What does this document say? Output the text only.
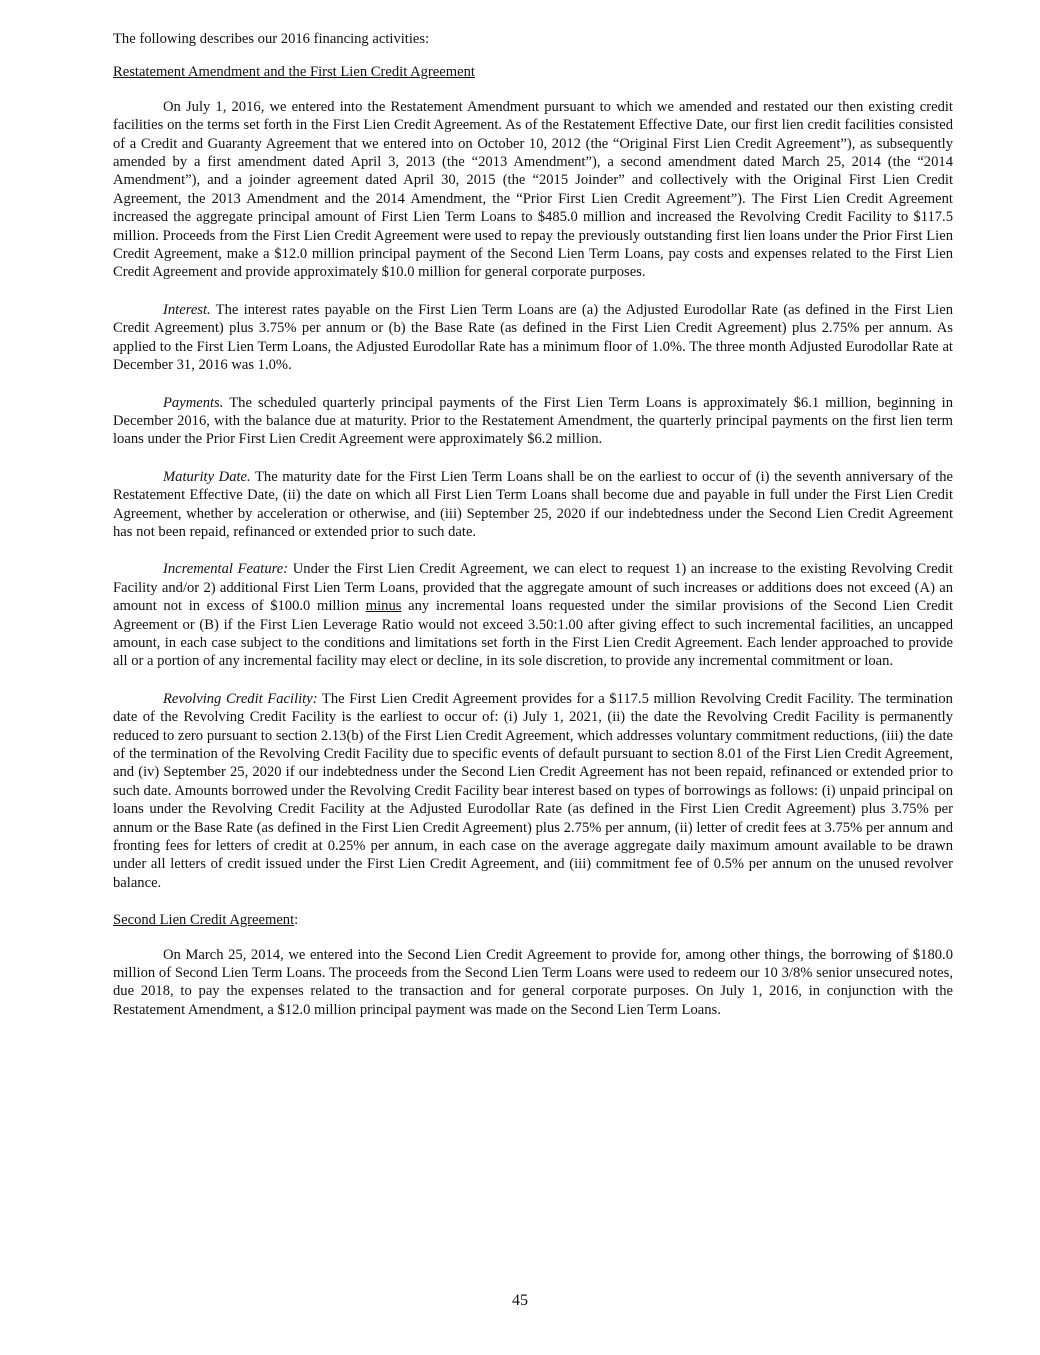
The following describes our 2016 financing activities:

Restatement Amendment and the First Lien Credit Agreement

On July 1, 2016, we entered into the Restatement Amendment pursuant to which we amended and restated our then existing credit facilities on the terms set forth in the First Lien Credit Agreement. As of the Restatement Effective Date, our first lien credit facilities consisted of a Credit and Guaranty Agreement that we entered into on October 10, 2012 (the “Original First Lien Credit Agreement”), as subsequently amended by a first amendment dated April 3, 2013 (the “2013 Amendment”), a second amendment dated March 25, 2014 (the “2014 Amendment”), and a joinder agreement dated April 30, 2015 (the “2015 Joinder” and collectively with the Original First Lien Credit Agreement, the 2013 Amendment and the 2014 Amendment, the “Prior First Lien Credit Agreement”). The First Lien Credit Agreement increased the aggregate principal amount of First Lien Term Loans to $485.0 million and increased the Revolving Credit Facility to $117.5 million. Proceeds from the First Lien Credit Agreement were used to repay the previously outstanding first lien loans under the Prior First Lien Credit Agreement, make a $12.0 million principal payment of the Second Lien Term Loans, pay costs and expenses related to the First Lien Credit Agreement and provide approximately $10.0 million for general corporate purposes.

Interest. The interest rates payable on the First Lien Term Loans are (a) the Adjusted Eurodollar Rate (as defined in the First Lien Credit Agreement) plus 3.75% per annum or (b) the Base Rate (as defined in the First Lien Credit Agreement) plus 2.75% per annum. As applied to the First Lien Term Loans, the Adjusted Eurodollar Rate has a minimum floor of 1.0%. The three month Adjusted Eurodollar Rate at December 31, 2016 was 1.0%.

Payments. The scheduled quarterly principal payments of the First Lien Term Loans is approximately $6.1 million, beginning in December 2016, with the balance due at maturity. Prior to the Restatement Amendment, the quarterly principal payments on the first lien term loans under the Prior First Lien Credit Agreement were approximately $6.2 million.

Maturity Date. The maturity date for the First Lien Term Loans shall be on the earliest to occur of (i) the seventh anniversary of the Restatement Effective Date, (ii) the date on which all First Lien Term Loans shall become due and payable in full under the First Lien Credit Agreement, whether by acceleration or otherwise, and (iii) September 25, 2020 if our indebtedness under the Second Lien Credit Agreement has not been repaid, refinanced or extended prior to such date.

Incremental Feature: Under the First Lien Credit Agreement, we can elect to request 1) an increase to the existing Revolving Credit Facility and/or 2) additional First Lien Term Loans, provided that the aggregate amount of such increases or additions does not exceed (A) an amount not in excess of $100.0 million minus any incremental loans requested under the similar provisions of the Second Lien Credit Agreement or (B) if the First Lien Leverage Ratio would not exceed 3.50:1.00 after giving effect to such incremental facilities, an uncapped amount, in each case subject to the conditions and limitations set forth in the First Lien Credit Agreement. Each lender approached to provide all or a portion of any incremental facility may elect or decline, in its sole discretion, to provide any incremental commitment or loan.

Revolving Credit Facility: The First Lien Credit Agreement provides for a $117.5 million Revolving Credit Facility. The termination date of the Revolving Credit Facility is the earliest to occur of: (i) July 1, 2021, (ii) the date the Revolving Credit Facility is permanently reduced to zero pursuant to section 2.13(b) of the First Lien Credit Agreement, which addresses voluntary commitment reductions, (iii) the date of the termination of the Revolving Credit Facility due to specific events of default pursuant to section 8.01 of the First Lien Credit Agreement, and (iv) September 25, 2020 if our indebtedness under the Second Lien Credit Agreement has not been repaid, refinanced or extended prior to such date. Amounts borrowed under the Revolving Credit Facility bear interest based on types of borrowings as follows: (i) unpaid principal on loans under the Revolving Credit Facility at the Adjusted Eurodollar Rate (as defined in the First Lien Credit Agreement) plus 3.75% per annum or the Base Rate (as defined in the First Lien Credit Agreement) plus 2.75% per annum, (ii) letter of credit fees at 3.75% per annum and fronting fees for letters of credit at 0.25% per annum, in each case on the average aggregate daily maximum amount available to be drawn under all letters of credit issued under the First Lien Credit Agreement, and (iii) commitment fee of 0.5% per annum on the unused revolver balance.

Second Lien Credit Agreement:

On March 25, 2014, we entered into the Second Lien Credit Agreement to provide for, among other things, the borrowing of $180.0 million of Second Lien Term Loans. The proceeds from the Second Lien Term Loans were used to redeem our 10 3/8% senior unsecured notes, due 2018, to pay the expenses related to the transaction and for general corporate purposes. On July 1, 2016, in conjunction with the Restatement Amendment, a $12.0 million principal payment was made on the Second Lien Term Loans.

45
